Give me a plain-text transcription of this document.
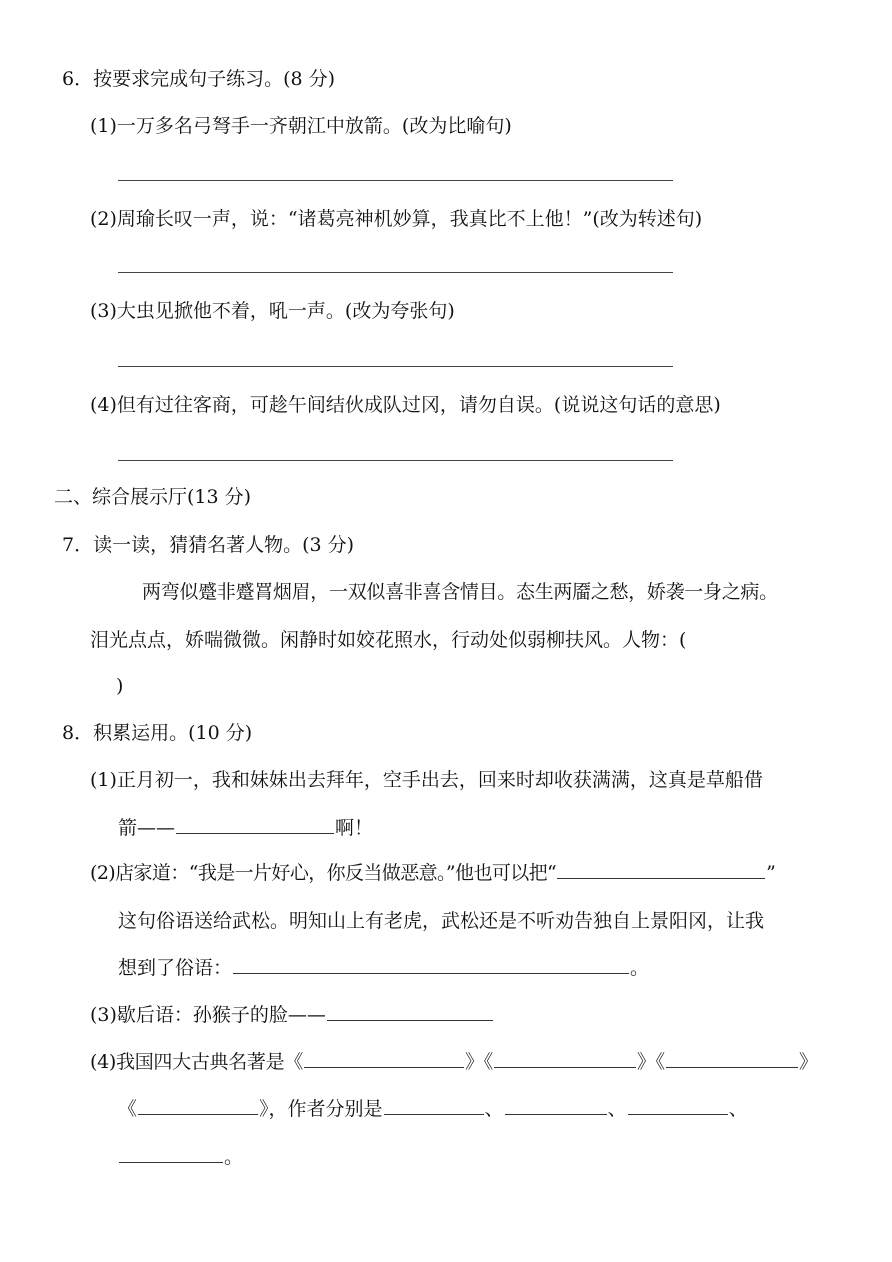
6．按要求完成句子练习。(8 分)
(1)一万多名弓弩手一齐朝江中放箭。(改为比喻句)
(2)周瑜长叹一声，说：“诸葛亮神机妙算，我真比不上他！”(改为转述句)
(3)大虫见掀他不着，吼一声。(改为夸张句)
(4)但有过往客商，可趁午间结伙成队过冈，请勿自误。(说说这句话的意思)
二、综合展示厅(13 分)
7．读一读，猜猜名著人物。(3 分)
两弯似蹙非蹙罥烟眉，一双似喜非喜含情目。态生两靥之愁，娇袭一身之病。
泪光点点，娇喘微微。闲静时如姣花照水，行动处似弱柳扶风。人物：(
)
8．积累运用。(10 分)
(1)正月初一，我和妹妹出去拜年，空手出去，回来时却收获满满，这真是草船借
箭——	啊！
(2)店家道：“我是一片好心，你反当做恶意。”他也可以把“	”
这句俗语送给武松。明知山上有老虎，武松还是不听劝告独自上景阳冈，让我
想到了俗语：	。
(3)歇后语：孙猴子的脸——
(4)我国四大古典名著是《	》《	》《	》
《	》，作者分别是	、	、	、
。
